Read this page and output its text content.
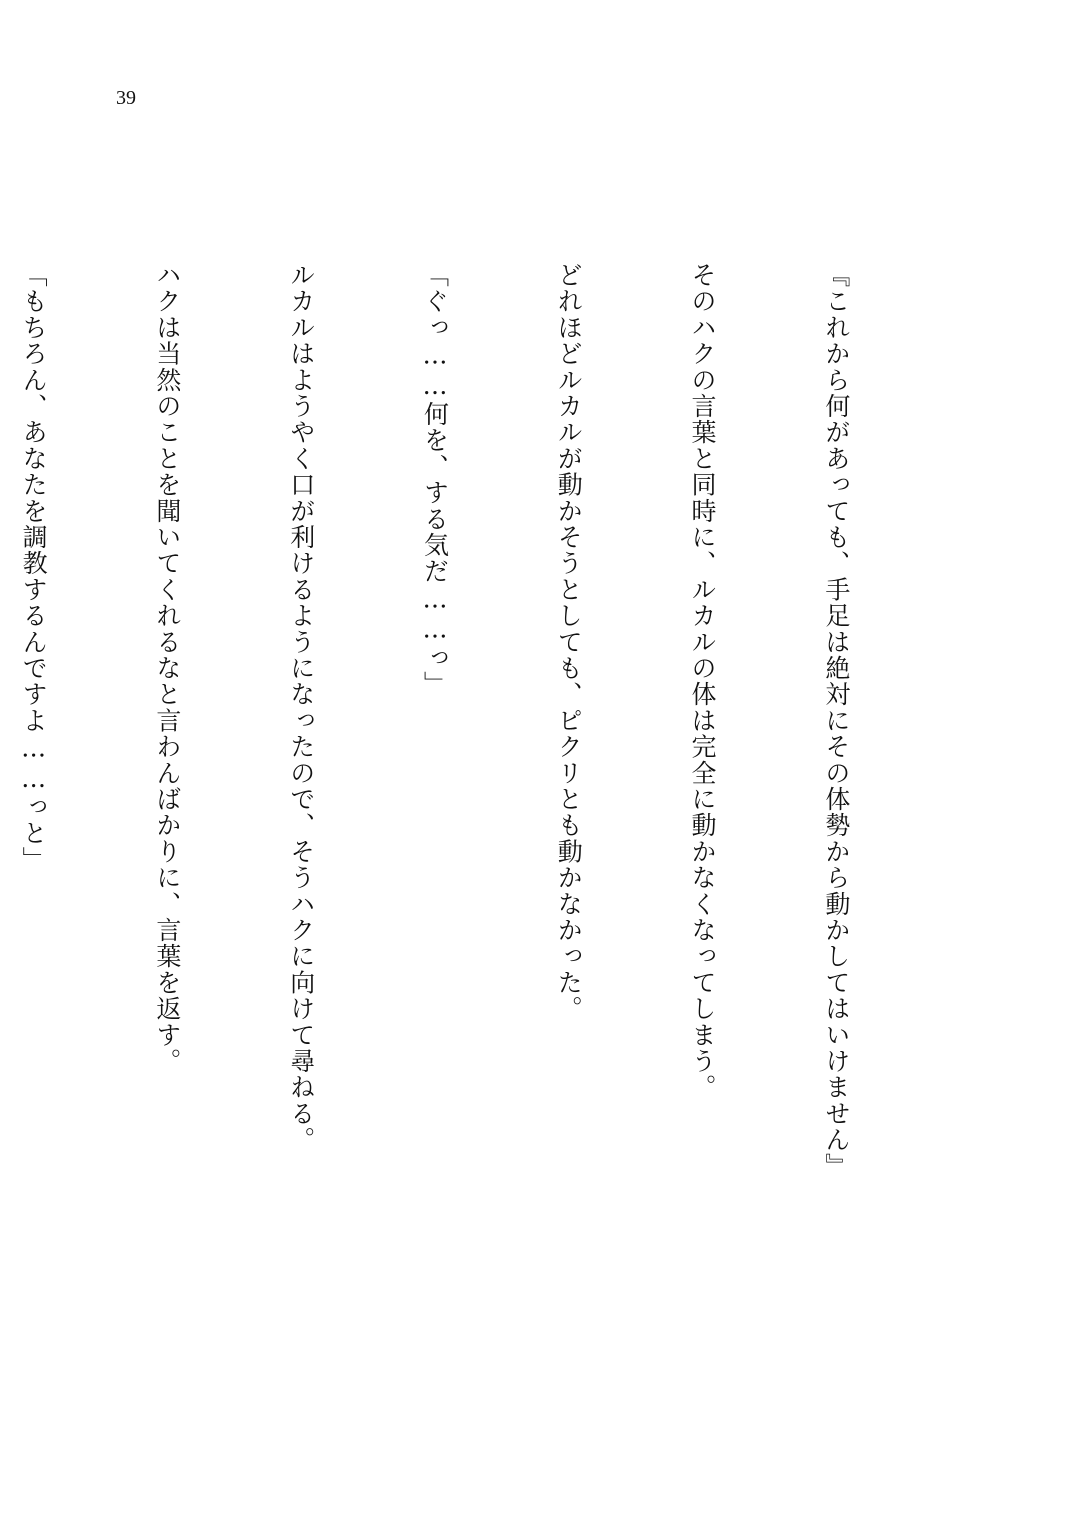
39

『これから何があっても、手足は絶対にその体勢から動かしてはいけません』

そのハクの言葉と同時に、ルカルの体は完全に動かなくなってしまう。

どれほどルカルが動かそうとしても、ピクリとも動かなかった。

「ぐっ……何を、する気だ……っ」

ルカルはようやく口が利けるようになったので、そうハクに向けて尋ねる。

ハクは当然のことを聞いてくれるなと言わんばかりに、言葉を返す。

「もちろん、あなたを調教するんですよ……っと」
